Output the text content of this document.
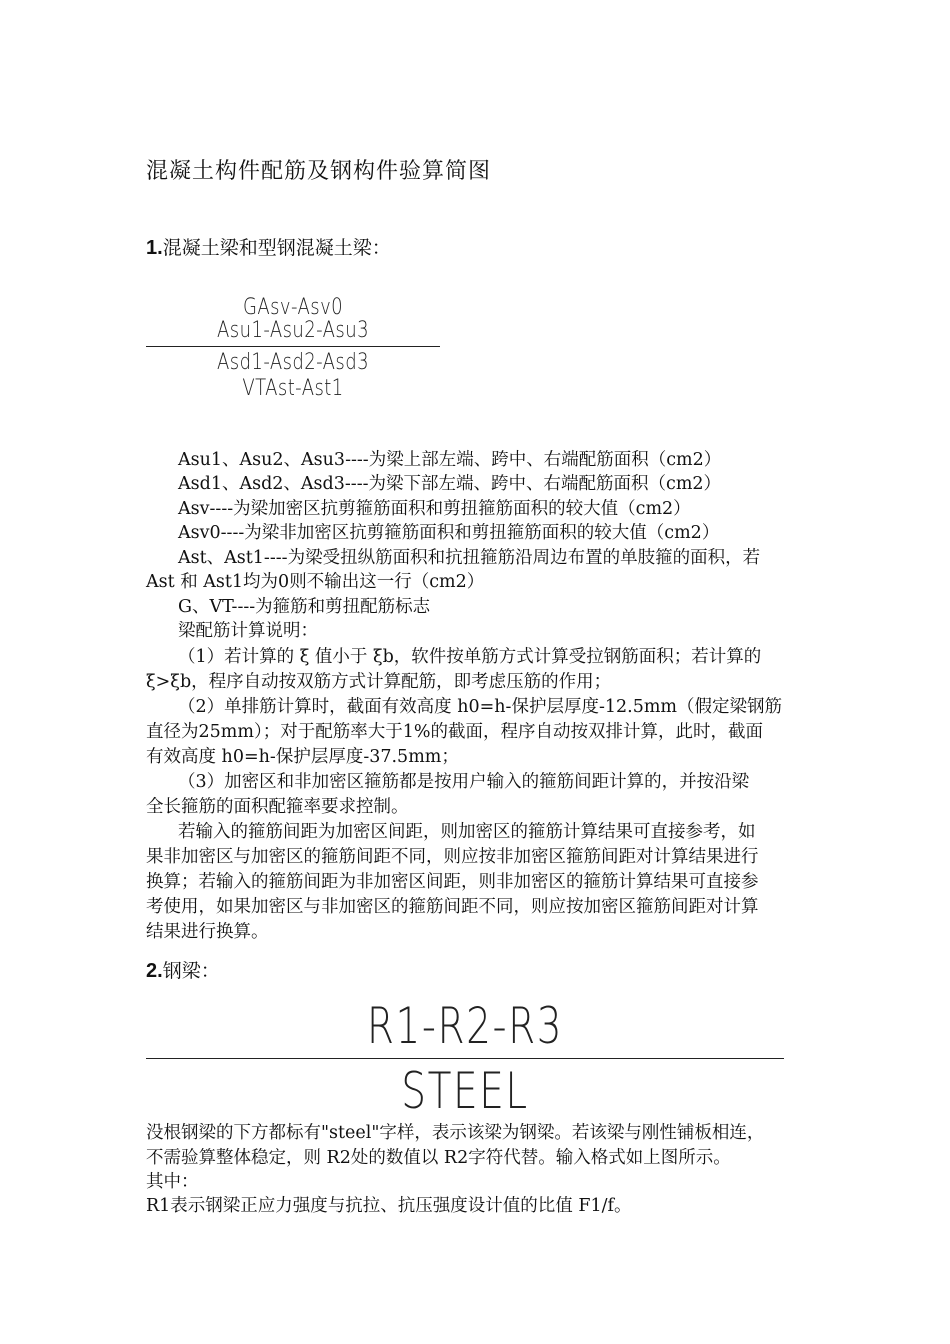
混凝土构件配筋及钢构件验算简图
1.混凝土梁和型钢混凝土梁：
GAsv-Asv0
Asu1-Asu2-Asu3
Asd1-Asd2-Asd3
VTAst-Ast1
Asu1、Asu2、Asu3----为梁上部左端、跨中、右端配筋面积（cm2）
Asd1、Asd2、Asd3----为梁下部左端、跨中、右端配筋面积（cm2）
Asv----为梁加密区抗剪箍筋面积和剪扭箍筋面积的较大值（cm2）
Asv0----为梁非加密区抗剪箍筋面积和剪扭箍筋面积的较大值（cm2）
Ast、Ast1----为梁受扭纵筋面积和抗扭箍筋沿周边布置的单肢箍的面积，若
Ast 和 Ast1均为0则不输出这一行（cm2）
G、VT----为箍筋和剪扭配筋标志
梁配筋计算说明：
（1）若计算的 ξ 值小于 ξb，软件按单筋方式计算受拉钢筋面积；若计算的
ξ>ξb，程序自动按双筋方式计算配筋，即考虑压筋的作用；
（2）单排筋计算时，截面有效高度 h0=h-保护层厚度-12.5mm（假定梁钢筋
直径为25mm）；对于配筋率大于1%的截面，程序自动按双排计算，此时，截面
有效高度 h0=h-保护层厚度-37.5mm；
（3）加密区和非加密区箍筋都是按用户输入的箍筋间距计算的，并按沿梁
全长箍筋的面积配箍率要求控制。
若输入的箍筋间距为加密区间距，则加密区的箍筋计算结果可直接参考，如
果非加密区与加密区的箍筋间距不同，则应按非加密区箍筋间距对计算结果进行
换算；若输入的箍筋间距为非加密区间距，则非加密区的箍筋计算结果可直接参
考使用，如果加密区与非加密区的箍筋间距不同，则应按加密区箍筋间距对计算
结果进行换算。
2.钢梁：
R1-R2-R3
STEEL
没根钢梁的下方都标有"steel"字样，表示该梁为钢梁。若该梁与刚性铺板相连，
不需验算整体稳定，则 R2处的数值以 R2字符代替。输入格式如上图所示。
其中：
R1表示钢梁正应力强度与抗拉、抗压强度设计值的比值 F1/f。
